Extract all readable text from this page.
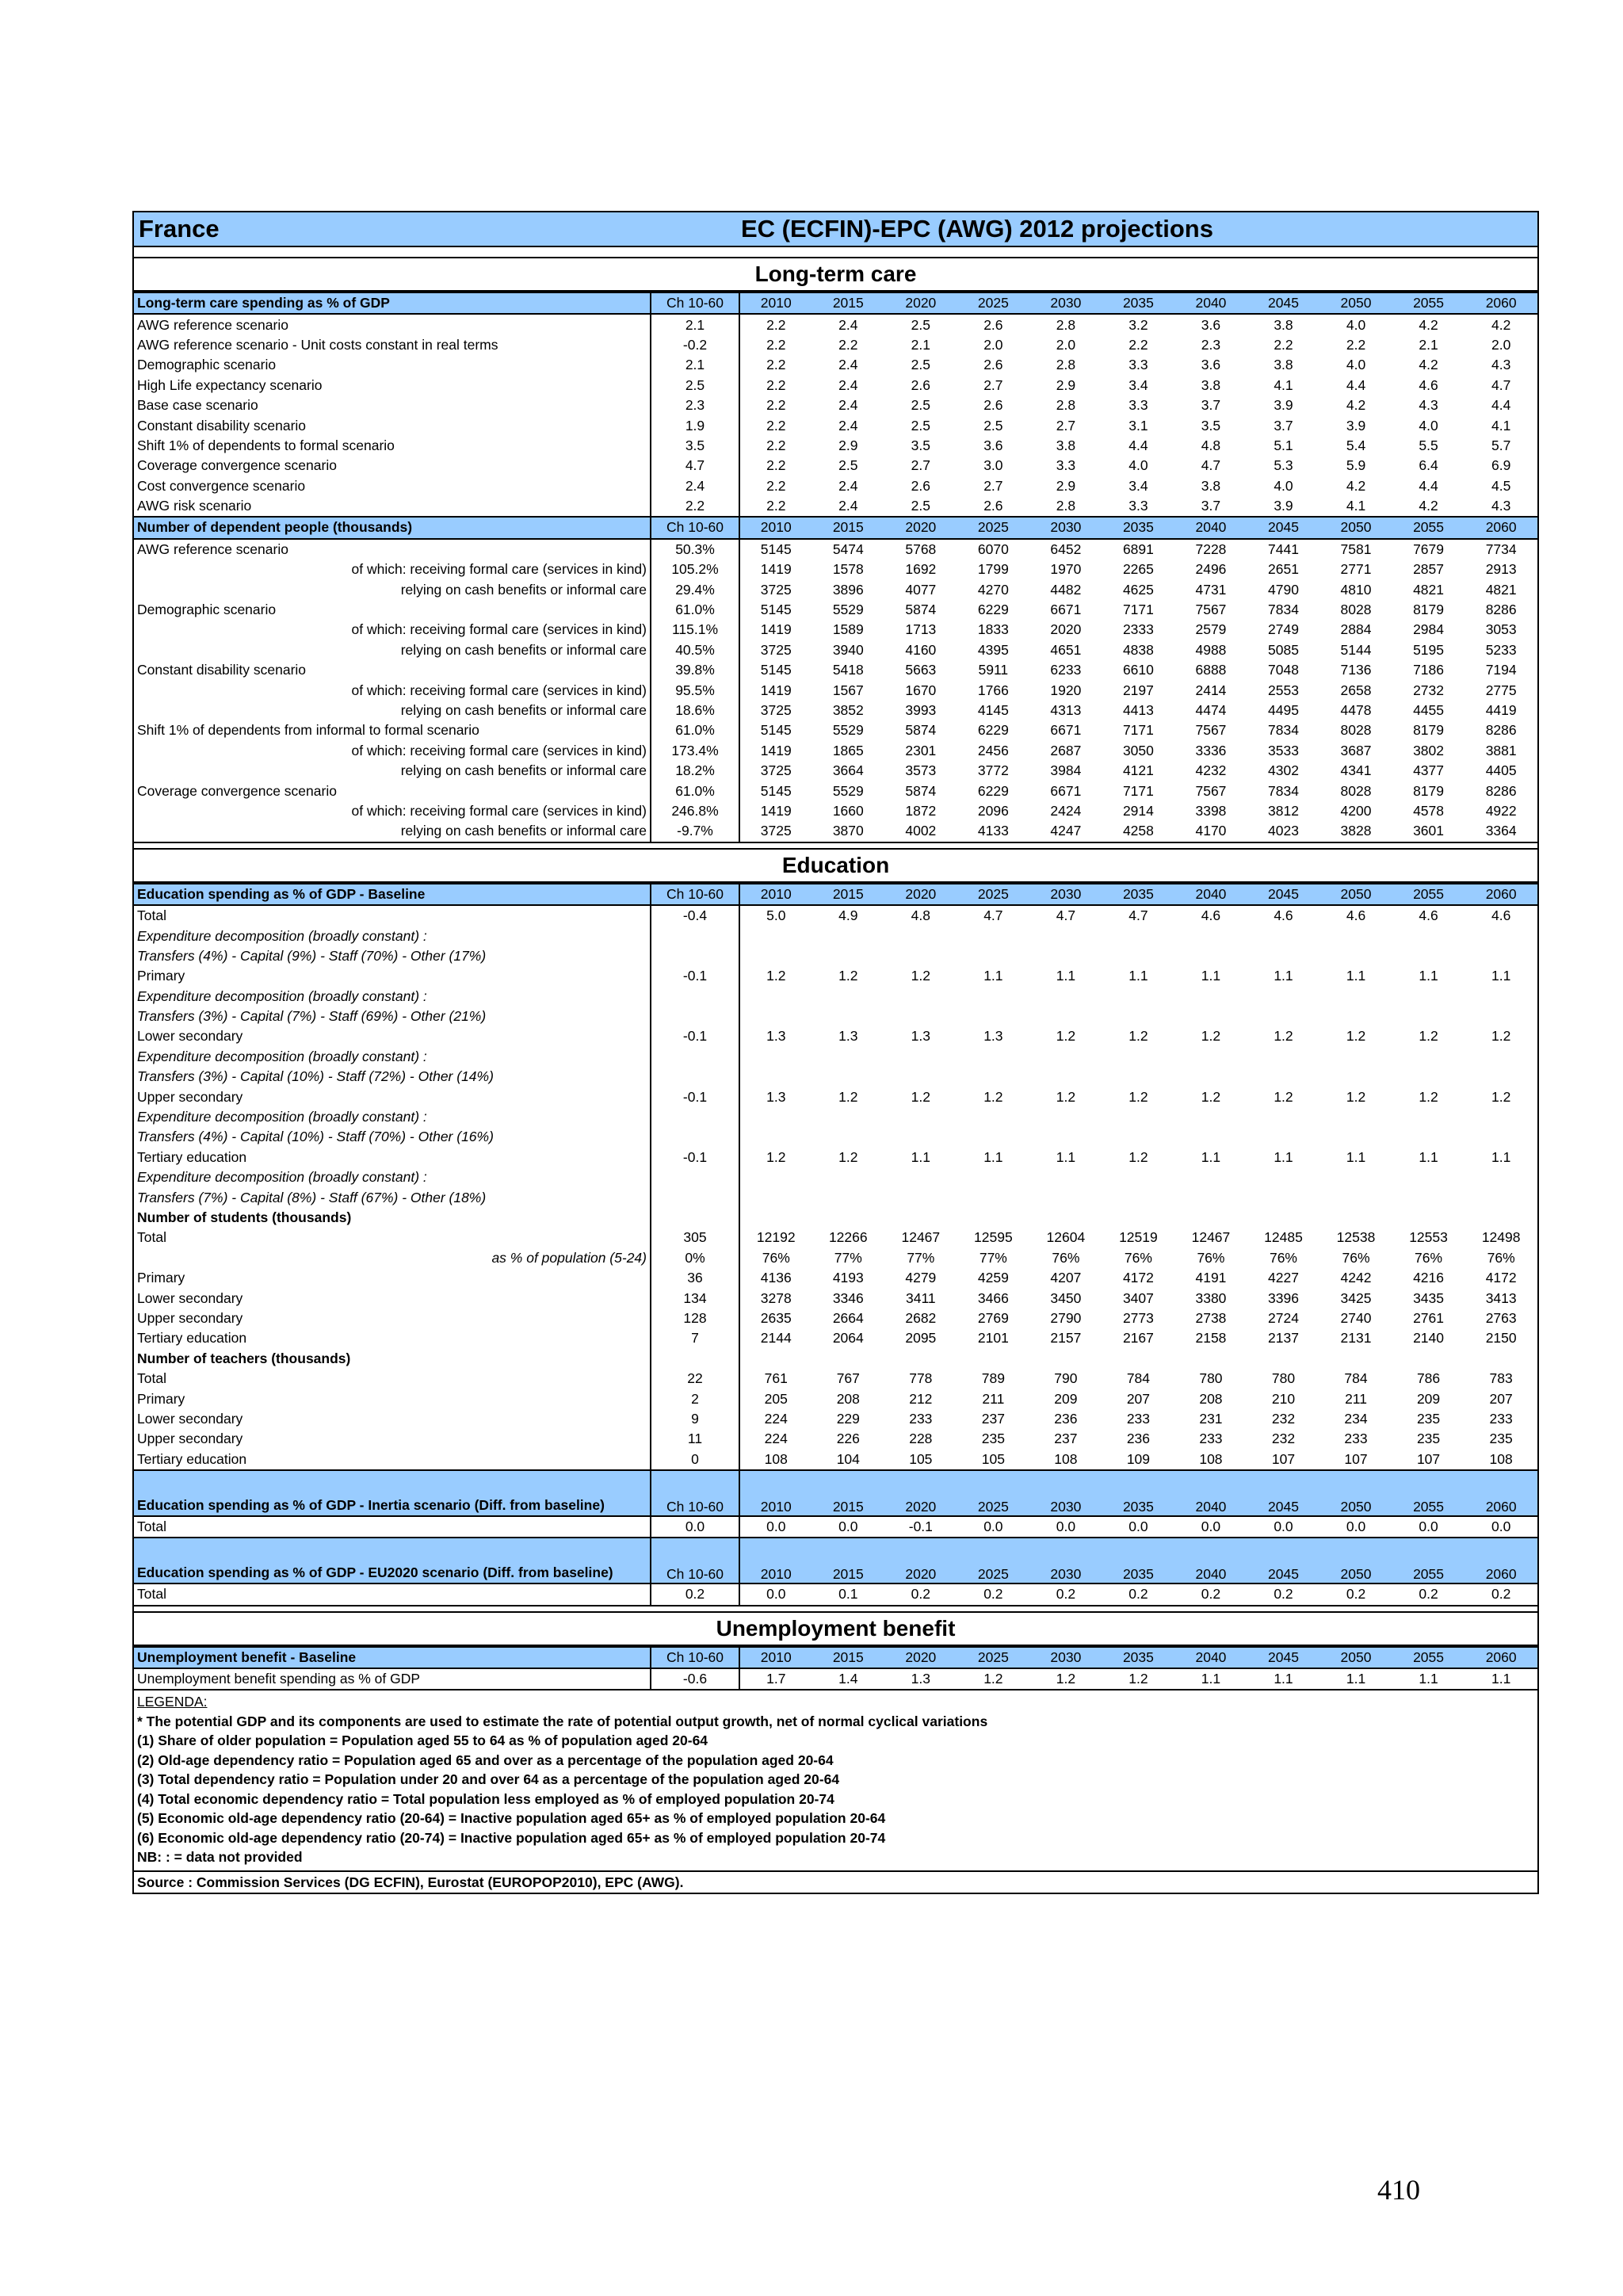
France	EC (ECFIN)-EPC (AWG) 2012 projections
Long-term care
Long-term care spending as % of GDP	Ch 10-60	2010	2015	2020	2025	2030	2035	2040	2045	2050	2055	2060
AWG reference scenario	2.1	2.2	2.4	2.5	2.6	2.8	3.2	3.6	3.8	4.0	4.2	4.2
AWG reference scenario - Unit costs constant in real terms	-0.2	2.2	2.2	2.1	2.0	2.0	2.2	2.3	2.2	2.2	2.1	2.0
Demographic scenario	2.1	2.2	2.4	2.5	2.6	2.8	3.3	3.6	3.8	4.0	4.2	4.3
High Life expectancy scenario	2.5	2.2	2.4	2.6	2.7	2.9	3.4	3.8	4.1	4.4	4.6	4.7
Base case scenario	2.3	2.2	2.4	2.5	2.6	2.8	3.3	3.7	3.9	4.2	4.3	4.4
Constant disability scenario	1.9	2.2	2.4	2.5	2.5	2.7	3.1	3.5	3.7	3.9	4.0	4.1
Shift 1% of dependents to formal scenario	3.5	2.2	2.9	3.5	3.6	3.8	4.4	4.8	5.1	5.4	5.5	5.7
Coverage convergence scenario	4.7	2.2	2.5	2.7	3.0	3.3	4.0	4.7	5.3	5.9	6.4	6.9
Cost convergence scenario	2.4	2.2	2.4	2.6	2.7	2.9	3.4	3.8	4.0	4.2	4.4	4.5
AWG risk scenario	2.2	2.2	2.4	2.5	2.6	2.8	3.3	3.7	3.9	4.1	4.2	4.3
Number of dependent people (thousands)	Ch 10-60	2010	2015	2020	2025	2030	2035	2040	2045	2050	2055	2060
AWG reference scenario	50.3%	5145	5474	5768	6070	6452	6891	7228	7441	7581	7679	7734
of which: receiving formal care (services in kind)	105.2%	1419	1578	1692	1799	1970	2265	2496	2651	2771	2857	2913
relying on cash benefits or informal care	29.4%	3725	3896	4077	4270	4482	4625	4731	4790	4810	4821	4821
Demographic scenario	61.0%	5145	5529	5874	6229	6671	7171	7567	7834	8028	8179	8286
of which: receiving formal care (services in kind)	115.1%	1419	1589	1713	1833	2020	2333	2579	2749	2884	2984	3053
relying on cash benefits or informal care	40.5%	3725	3940	4160	4395	4651	4838	4988	5085	5144	5195	5233
Constant disability scenario	39.8%	5145	5418	5663	5911	6233	6610	6888	7048	7136	7186	7194
of which: receiving formal care (services in kind)	95.5%	1419	1567	1670	1766	1920	2197	2414	2553	2658	2732	2775
relying on cash benefits or informal care	18.6%	3725	3852	3993	4145	4313	4413	4474	4495	4478	4455	4419
Shift 1% of dependents from informal to formal scenario	61.0%	5145	5529	5874	6229	6671	7171	7567	7834	8028	8179	8286
of which: receiving formal care (services in kind)	173.4%	1419	1865	2301	2456	2687	3050	3336	3533	3687	3802	3881
relying on cash benefits or informal care	18.2%	3725	3664	3573	3772	3984	4121	4232	4302	4341	4377	4405
Coverage convergence scenario	61.0%	5145	5529	5874	6229	6671	7171	7567	7834	8028	8179	8286
of which: receiving formal care (services in kind)	246.8%	1419	1660	1872	2096	2424	2914	3398	3812	4200	4578	4922
relying on cash benefits or informal care	-9.7%	3725	3870	4002	4133	4247	4258	4170	4023	3828	3601	3364
Education
Education spending as % of GDP - Baseline	Ch 10-60	2010	2015	2020	2025	2030	2035	2040	2045	2050	2055	2060
Total	-0.4	5.0	4.9	4.8	4.7	4.7	4.7	4.6	4.6	4.6	4.6	4.6
Expenditure decomposition (broadly constant) :												
Transfers (4%) - Capital (9%) - Staff (70%) - Other (17%)												
Primary	-0.1	1.2	1.2	1.2	1.1	1.1	1.1	1.1	1.1	1.1	1.1	1.1
Expenditure decomposition (broadly constant) :												
Transfers (3%) - Capital (7%) - Staff (69%) - Other (21%)												
Lower secondary	-0.1	1.3	1.3	1.3	1.3	1.2	1.2	1.2	1.2	1.2	1.2	1.2
Expenditure decomposition (broadly constant) :												
Transfers (3%) - Capital (10%) - Staff (72%) - Other (14%)												
Upper secondary	-0.1	1.3	1.2	1.2	1.2	1.2	1.2	1.2	1.2	1.2	1.2	1.2
Expenditure decomposition (broadly constant) :												
Transfers (4%) - Capital (10%) - Staff (70%) - Other (16%)												
Tertiary education	-0.1	1.2	1.2	1.1	1.1	1.1	1.2	1.1	1.1	1.1	1.1	1.1
Expenditure decomposition (broadly constant) :												
Transfers (7%) - Capital (8%) - Staff (67%) - Other (18%)												
Number of students (thousands)												
Total	305	12192	12266	12467	12595	12604	12519	12467	12485	12538	12553	12498
as % of population (5-24)	0%	76%	77%	77%	77%	76%	76%	76%	76%	76%	76%	76%
Primary	36	4136	4193	4279	4259	4207	4172	4191	4227	4242	4216	4172
Lower secondary	134	3278	3346	3411	3466	3450	3407	3380	3396	3425	3435	3413
Upper secondary	128	2635	2664	2682	2769	2790	2773	2738	2724	2740	2761	2763
Tertiary education	7	2144	2064	2095	2101	2157	2167	2158	2137	2131	2140	2150
Number of teachers (thousands)												
Total	22	761	767	778	789	790	784	780	780	784	786	783
Primary	2	205	208	212	211	209	207	208	210	211	209	207
Lower secondary	9	224	229	233	237	236	233	231	232	234	235	233
Upper secondary	11	224	226	228	235	237	236	233	232	233	235	235
Tertiary education	0	108	104	105	105	108	109	108	107	107	107	108
Education spending as % of GDP - Inertia scenario (Diff. from baseline)	Ch 10-60	2010	2015	2020	2025	2030	2035	2040	2045	2050	2055	2060
Total	0.0	0.0	0.0	-0.1	0.0	0.0	0.0	0.0	0.0	0.0	0.0	0.0
Education spending as % of GDP - EU2020 scenario (Diff. from baseline)	Ch 10-60	2010	2015	2020	2025	2030	2035	2040	2045	2050	2055	2060
Total	0.2	0.0	0.1	0.2	0.2	0.2	0.2	0.2	0.2	0.2	0.2	0.2
Unemployment benefit
Unemployment benefit - Baseline	Ch 10-60	2010	2015	2020	2025	2030	2035	2040	2045	2050	2055	2060
Unemployment benefit spending as % of GDP	-0.6	1.7	1.4	1.3	1.2	1.2	1.2	1.1	1.1	1.1	1.1	1.1
LEGENDA:
* The potential GDP and its components are used to estimate the rate of potential output growth, net of normal cyclical variations
(1) Share of older population = Population aged 55 to 64 as % of population aged 20-64
(2) Old-age dependency ratio = Population aged 65 and over as a percentage of the population aged 20-64
(3) Total dependency ratio = Population under 20 and over 64 as a percentage of the population aged 20-64
(4) Total economic dependency ratio = Total population less employed as % of employed population 20-74
(5) Economic old-age dependency ratio (20-64) = Inactive population aged 65+ as % of employed population 20-64
(6) Economic old-age dependency ratio (20-74) = Inactive population aged 65+ as % of employed population 20-74
NB: : = data not provided
Source : Commission Services (DG ECFIN), Eurostat (EUROPOP2010), EPC (AWG).
410
